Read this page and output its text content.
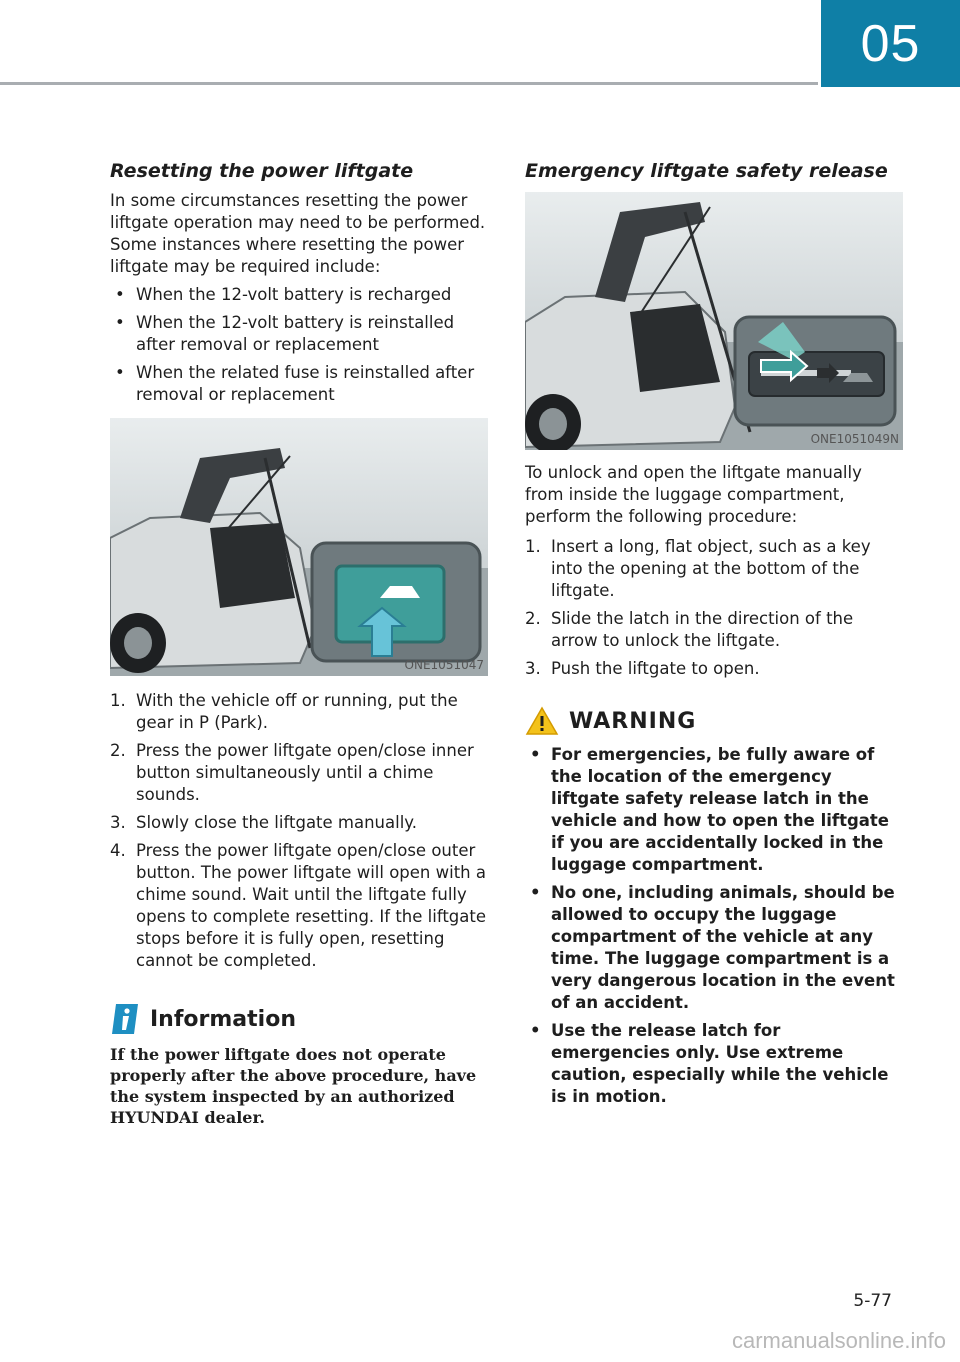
05
Resetting the power liftgate

In some circumstances resetting the power liftgate operation may need to be performed. Some instances where resetting the power liftgate may be required include:

• When the 12-volt battery is recharged
• When the 12-volt battery is reinstalled after removal or replacement
• When the related fuse is reinstalled after removal or replacement
ONE1051047
1. With the vehicle off or running, put the gear in P (Park).
2. Press the power liftgate open/close inner button simultaneously until a chime sounds.
3. Slowly close the liftgate manually.
4. Press the power liftgate open/close outer button. The power liftgate will open with a chime sound. Wait until the liftgate fully opens to complete resetting. If the liftgate stops before it is fully open, resetting cannot be completed.
Information
If the power liftgate does not operate properly after the above procedure, have the system inspected by an authorized HYUNDAI dealer.
Emergency liftgate safety release
ONE1051049N

To unlock and open the liftgate manually from inside the luggage compartment, perform the following procedure:

1. Insert a long, flat object, such as a key into the opening at the bottom of the liftgate.
2. Slide the latch in the direction of the arrow to unlock the liftgate.
3. Push the liftgate to open.
WARNING
• For emergencies, be fully aware of the location of the emergency liftgate safety release latch in the vehicle and how to open the liftgate if you are accidentally locked in the luggage compartment.
• No one, including animals, should be allowed to occupy the luggage compartment of the vehicle at any time. The luggage compartment is a very dangerous location in the event of an accident.
• Use the release latch for emergencies only. Use extreme caution, especially while the vehicle is in motion.
5-77
carmanualsonline.info
